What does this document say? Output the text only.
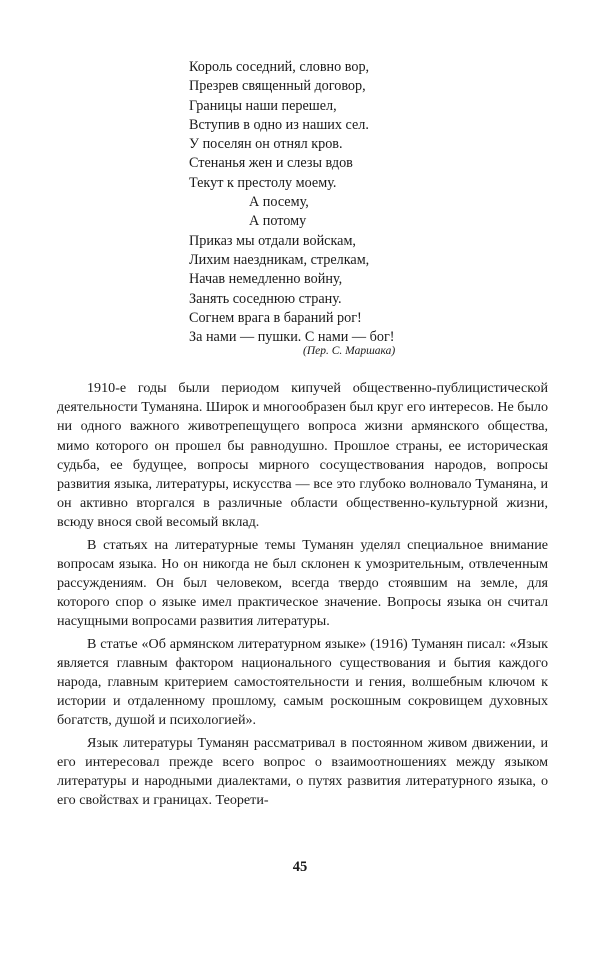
Король соседний, словно вор,
Презрев священный договор,
Границы наши перешел,
Вступив в одно из наших сел.
У поселян он отнял кров.
Стенанья жен и слезы вдов
Текут к престолу моему.
А посему,
А потому
Приказ мы отдали войскам,
Лихим наездникам, стрелкам,
Начав немедленно войну,
Занять соседнюю страну.
Согнем врага в бараний рог!
За нами — пушки. С нами — бог!
(Пер. С. Маршака)

1910-е годы были периодом кипучей общественно-публицистической деятельности Туманяна. Широк и многообразен был круг его интересов. Не было ни одного важного животрепещущего вопроса жизни армянского общества, мимо которого он прошел бы равнодушно. Прошлое страны, ее историческая судьба, ее будущее, вопросы мирного сосуществования народов, вопросы развития языка, литературы, искусства — все это глубоко волновало Туманяна, и он активно вторгался в различные области общественно-культурной жизни, всюду внося свой весомый вклад.

В статьях на литературные темы Туманян уделял специальное внимание вопросам языка. Но он никогда не был склонен к умозрительным, отвлеченным рассуждениям. Он был человеком, всегда твердо стоявшим на земле, для которого спор о языке имел практическое значение. Вопросы языка он считал насущными вопросами развития литературы.

В статье «Об армянском литературном языке» (1916) Туманян писал: «Язык является главным фактором национального существования и бытия каждого народа, главным критерием самостоятельности и гения, волшебным ключом к истории и отдаленному прошлому, самым роскошным сокровищем духовных богатств, душой и психологией».

Язык литературы Туманян рассматривал в постоянном живом движении, и его интересовал прежде всего вопрос о взаимоотношениях между языком литературы и народными диалектами, о путях развития литературного языка, о его свойствах и границах. Теорети-

45
